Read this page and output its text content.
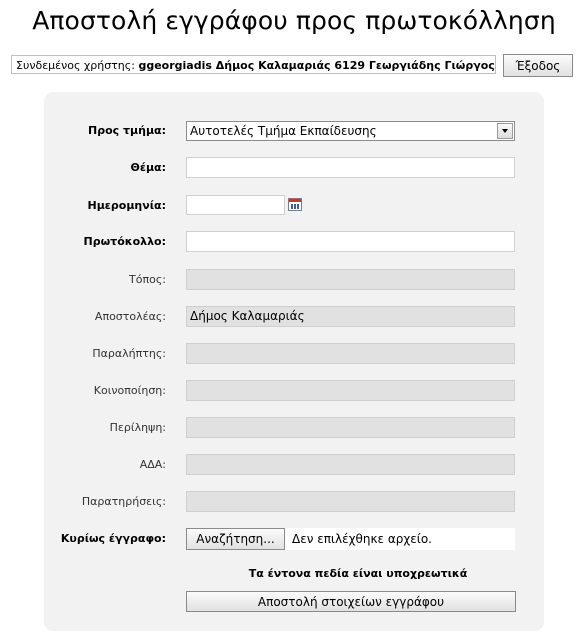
Αποστολή εγγράφου προς πρωτοκόλληση
Συνδεμένος χρήστης: ggeorgiadis Δήμος Καλαμαριάς 6129 Γεωργιάδης Γιώργος	Έξοδος
Προς τμήμα:	Αυτοτελές Τμήμα Εκπαίδευσης
Θέμα:
Ημερομηνία:
Πρωτόκολλο:
Τόπος:
Αποστολέας:	Δήμος Καλαμαριάς
Παραλήπτης:
Κοινοποίηση:
Περίληψη:
ΑΔΑ:
Παρατηρήσεις:
Κυρίως έγγραφο:	Αναζήτηση...	Δεν επιλέχθηκε αρχείο.
Τα έντονα πεδία είναι υποχρεωτικά
Αποστολή στοιχείων εγγράφου
